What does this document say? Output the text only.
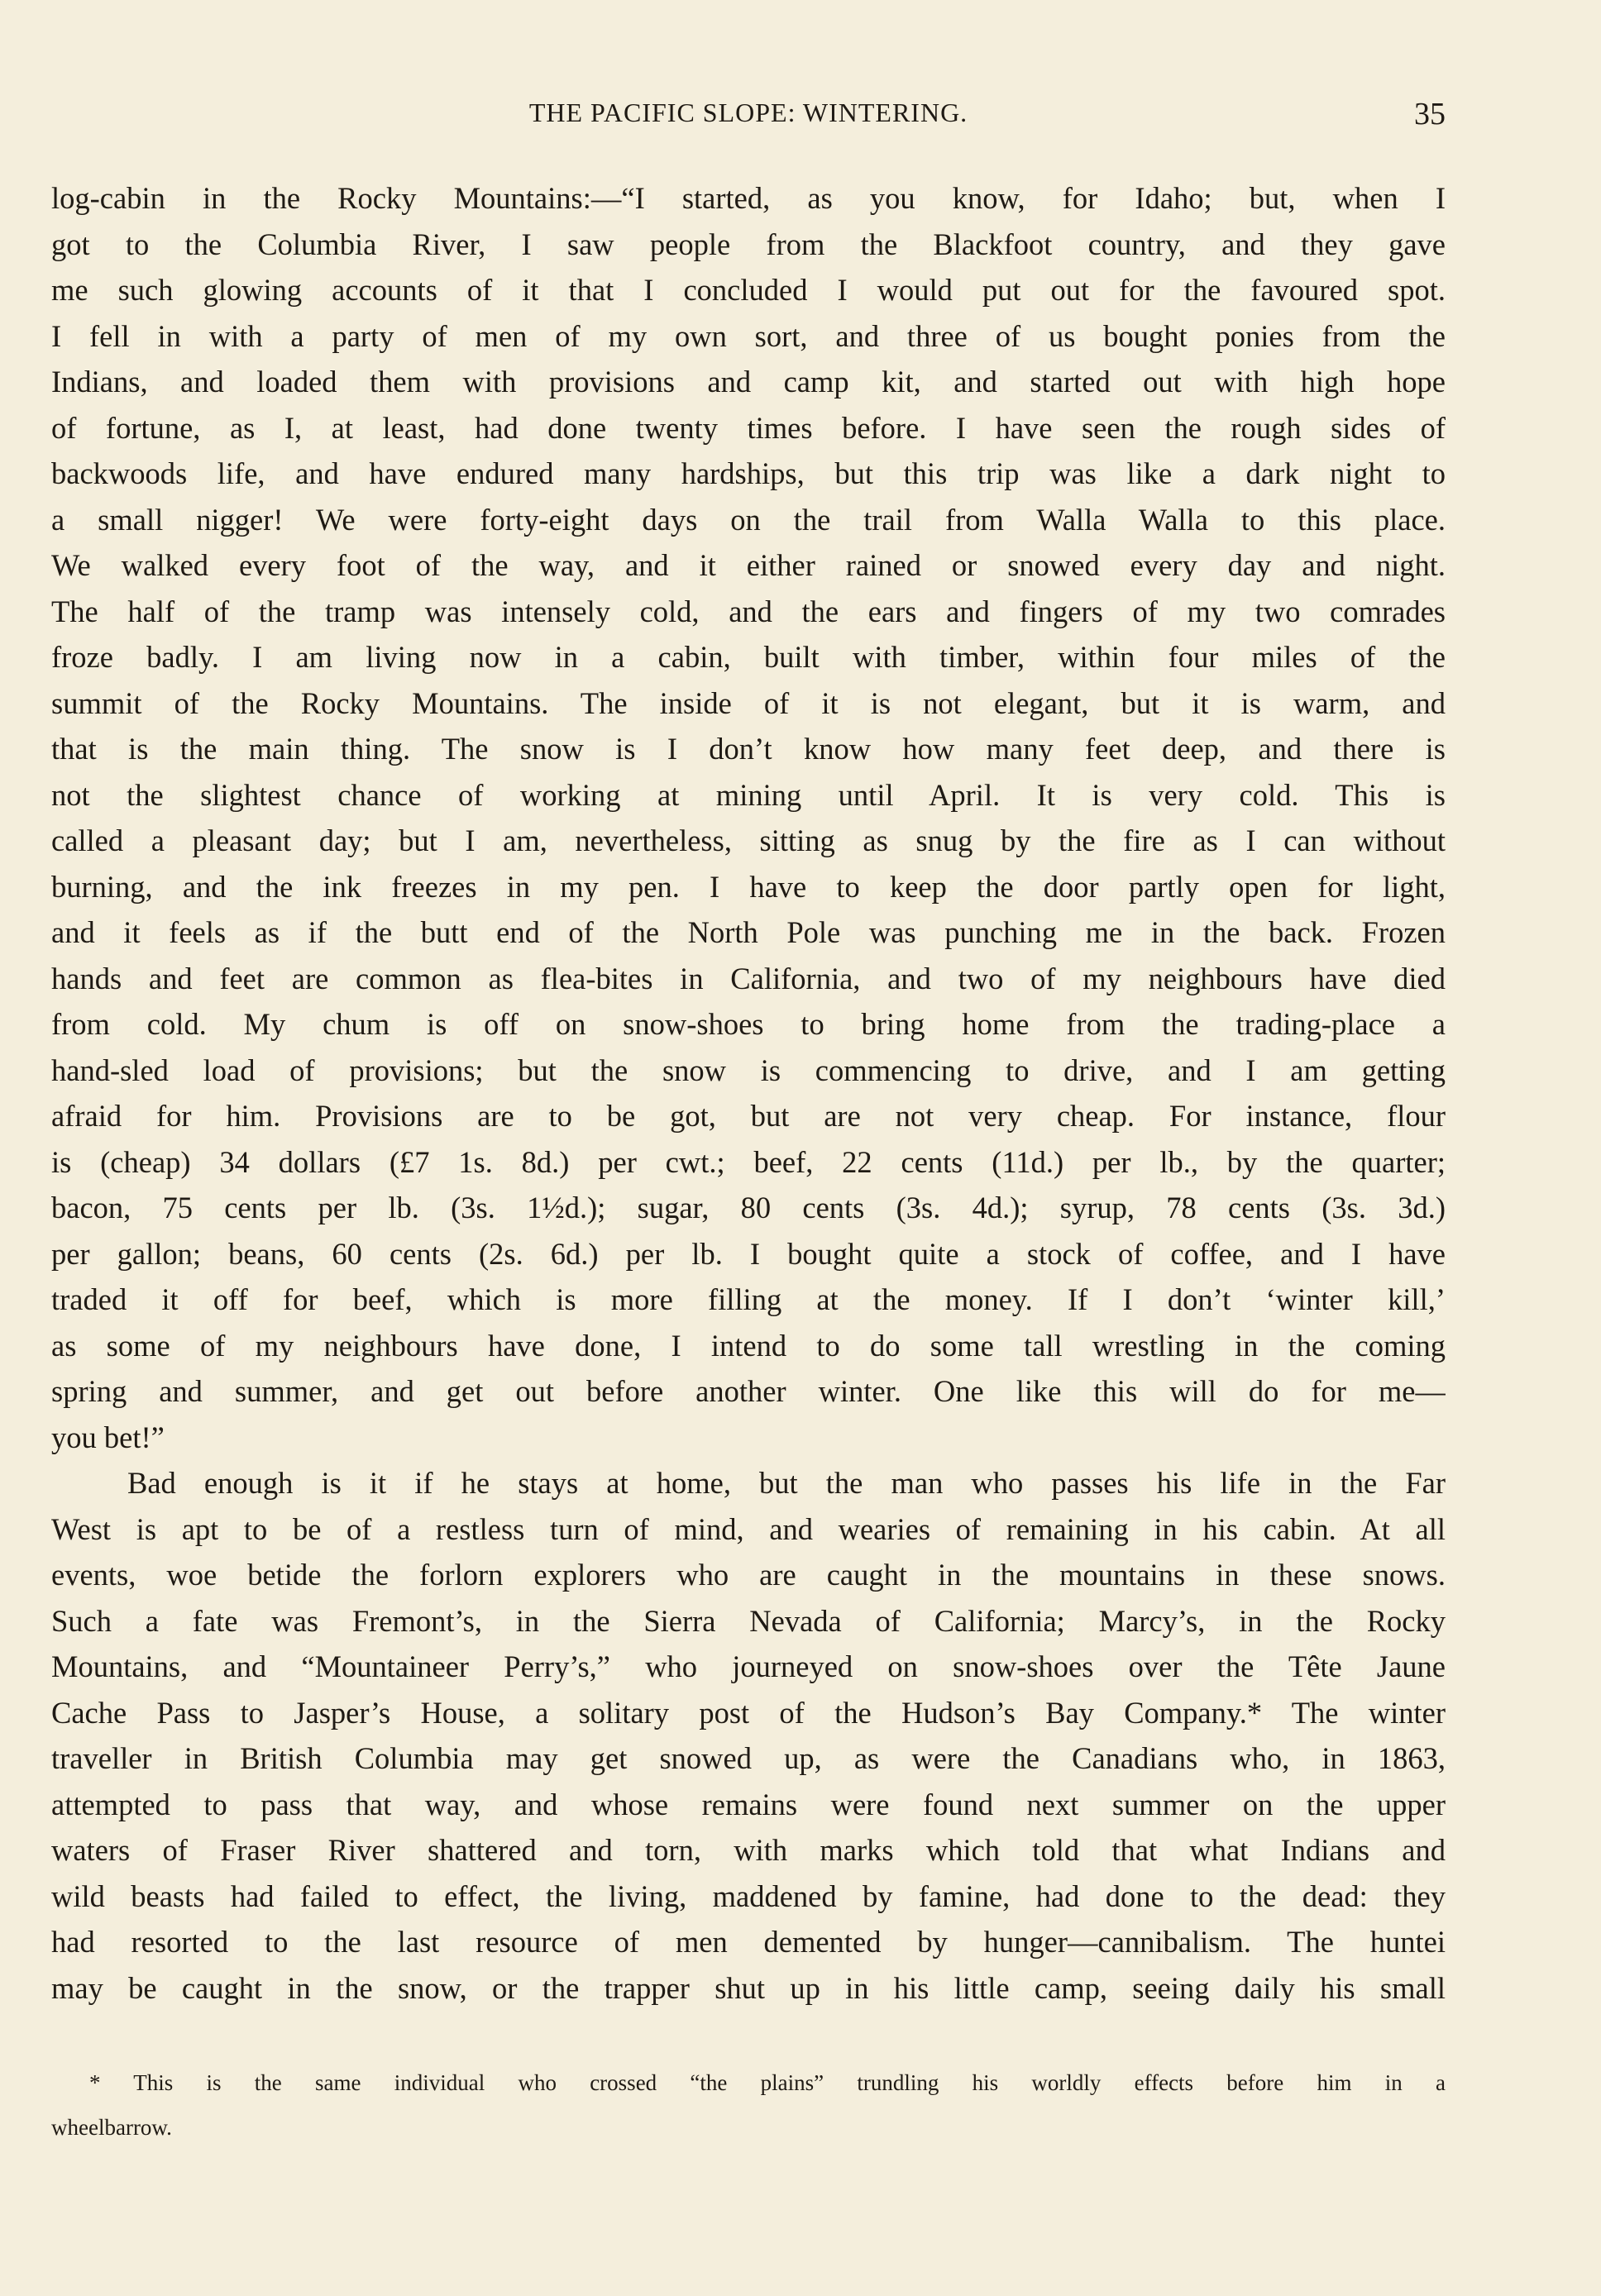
THE PACIFIC SLOPE: WINTERING.	35
log-cabin in the Rocky Mountains:—“I started, as you know, for Idaho; but, when I
got to the Columbia River, I saw people from the Blackfoot country, and they gave
me such glowing accounts of it that I concluded I would put out for the favoured spot.
I fell in with a party of men of my own sort, and three of us bought ponies from the
Indians, and loaded them with provisions and camp kit, and started out with high hope
of fortune, as I, at least, had done twenty times before. I have seen the rough sides of
backwoods life, and have endured many hardships, but this trip was like a dark night to
a small nigger! We were forty-eight days on the trail from Walla Walla to this place.
We walked every foot of the way, and it either rained or snowed every day and night.
The half of the tramp was intensely cold, and the ears and fingers of my two comrades
froze badly. I am living now in a cabin, built with timber, within four miles of the
summit of the Rocky Mountains. The inside of it is not elegant, but it is warm, and
that is the main thing. The snow is I don’t know how many feet deep, and there is
not the slightest chance of working at mining until April. It is very cold. This is
called a pleasant day; but I am, nevertheless, sitting as snug by the fire as I can without
burning, and the ink freezes in my pen. I have to keep the door partly open for light,
and it feels as if the butt end of the North Pole was punching me in the back. Frozen
hands and feet are common as flea-bites in California, and two of my neighbours have died
from cold. My chum is off on snow-shoes to bring home from the trading-place a
hand-sled load of provisions; but the snow is commencing to drive, and I am getting
afraid for him. Provisions are to be got, but are not very cheap. For instance, flour
is (cheap) 34 dollars (£7 1s. 8d.) per cwt.; beef, 22 cents (11d.) per lb., by the quarter;
bacon, 75 cents per lb. (3s. 1½d.); sugar, 80 cents (3s. 4d.); syrup, 78 cents (3s. 3d.)
per gallon; beans, 60 cents (2s. 6d.) per lb. I bought quite a stock of coffee, and I have
traded it off for beef, which is more filling at the money. If I don’t ‘winter kill,’
as some of my neighbours have done, I intend to do some tall wrestling in the coming
spring and summer, and get out before another winter. One like this will do for me—
you bet!”
Bad enough is it if he stays at home, but the man who passes his life in the Far
West is apt to be of a restless turn of mind, and wearies of remaining in his cabin. At all
events, woe betide the forlorn explorers who are caught in the mountains in these snows.
Such a fate was Fremont’s, in the Sierra Nevada of California; Marcy’s, in the Rocky
Mountains, and “Mountaineer Perry’s,” who journeyed on snow-shoes over the Tête Jaune
Cache Pass to Jasper’s House, a solitary post of the Hudson’s Bay Company.* The winter
traveller in British Columbia may get snowed up, as were the Canadians who, in 1863,
attempted to pass that way, and whose remains were found next summer on the upper
waters of Fraser River shattered and torn, with marks which told that what Indians and
wild beasts had failed to effect, the living, maddened by famine, had done to the dead: they
had resorted to the last resource of men demented by hunger—cannibalism. The huntei
may be caught in the snow, or the trapper shut up in his little camp, seeing daily his small
* This is the same individual who crossed “the plains” trundling his worldly effects before him in a
wheelbarrow.
